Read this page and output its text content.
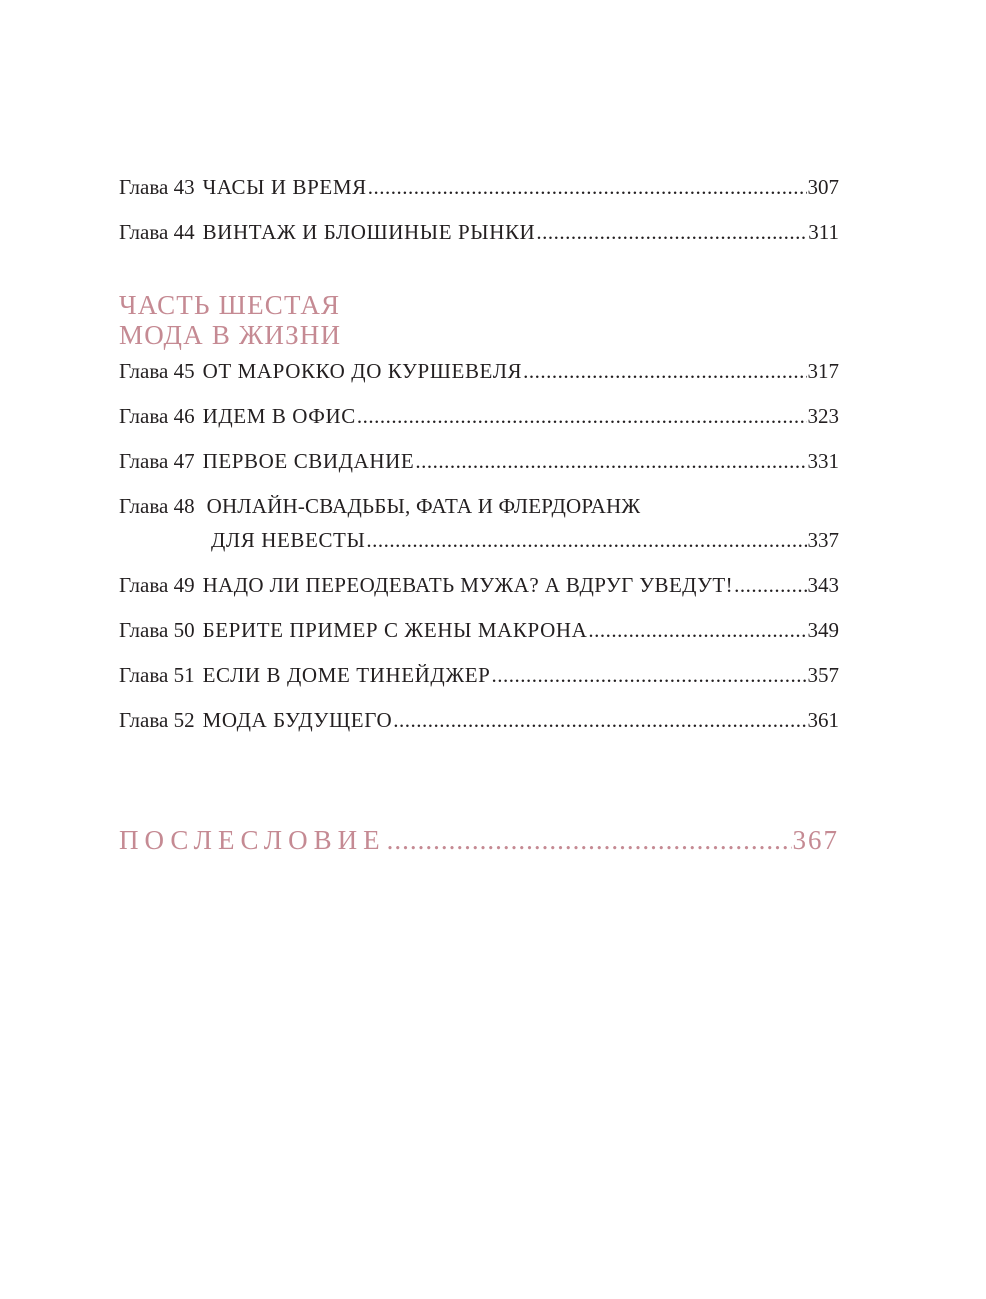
Глава 43 ЧАСЫ И ВРЕМЯ .....	307
Глава 44 ВИНТАЖ И БЛОШИНЫЕ РЫНКИ .....	311
ЧАСТЬ ШЕСТАЯ
МОДА В ЖИЗНИ
Глава 45 ОТ МАРОККО ДО КУРШЕВЕЛЯ .....	317
Глава 46 ИДЕМ В ОФИС .....	323
Глава 47 ПЕРВОЕ СВИДАНИЕ .....	331
Глава 48 ОНЛАЙН-СВАДЬБЫ, ФАТА И ФЛЕРДОРАНЖ
ДЛЯ НЕВЕСТЫ .....	337
Глава 49 НАДО ЛИ ПЕРЕОДЕВАТЬ МУЖА? А ВДРУГ УВЕДУТ! .....	343
Глава 50 БЕРИТЕ ПРИМЕР С ЖЕНЫ МАКРОНА .....	349
Глава 51 ЕСЛИ В ДОМЕ ТИНЕЙДЖЕР .....	357
Глава 52 МОДА БУДУЩЕГО .....	361
ПОСЛЕСЛОВИЕ .....	367
